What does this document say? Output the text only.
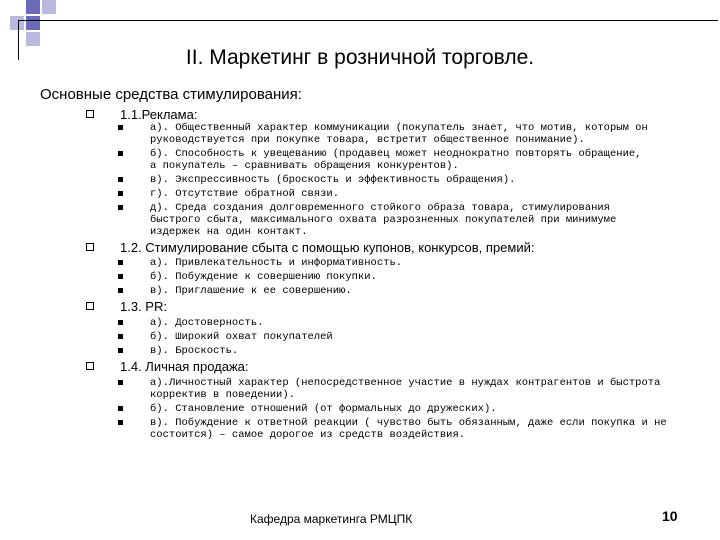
II. Маркетинг в розничной торговле.
Основные средства стимулирования:
1.1.Реклама:
а). Общественный характер коммуникации (покупатель знает, что мотив, которым он
руководствуется при покупке товара, встретит общественное понимание).
б). Способность к увещеванию (продавец может неоднократно повторять обращение,
а покупатель – сравнивать обращения конкурентов).
в). Экспрессивность (броскость и эффективность обращения).
г). Отсутствие обратной связи.
д). Среда создания долговременного стойкого образа товара, стимулирования
быстрого сбыта, максимального охвата разрозненных покупателей при минимуме
издержек на один контакт.
1.2. Стимулирование сбыта с помощью купонов, конкурсов, премий:
а). Привлекательность и информативность.
б). Побуждение к совершению покупки.
в). Приглашение к ее совершению.
1.3. PR:
а). Достоверность.
б). Широкий охват покупателей
в). Броскость.
1.4. Личная продажа:
а).Личностный характер (непосредственное участие в нуждах контрагентов и быстрота
корректив в поведении).
б). Становление отношений (от формальных до дружеских).
в). Побуждение к ответной реакции ( чувство быть обязанным, даже если покупка и не
состоится) – самое дорогое из средств воздействия.
Кафедра маркетинга РМЦПК	10
